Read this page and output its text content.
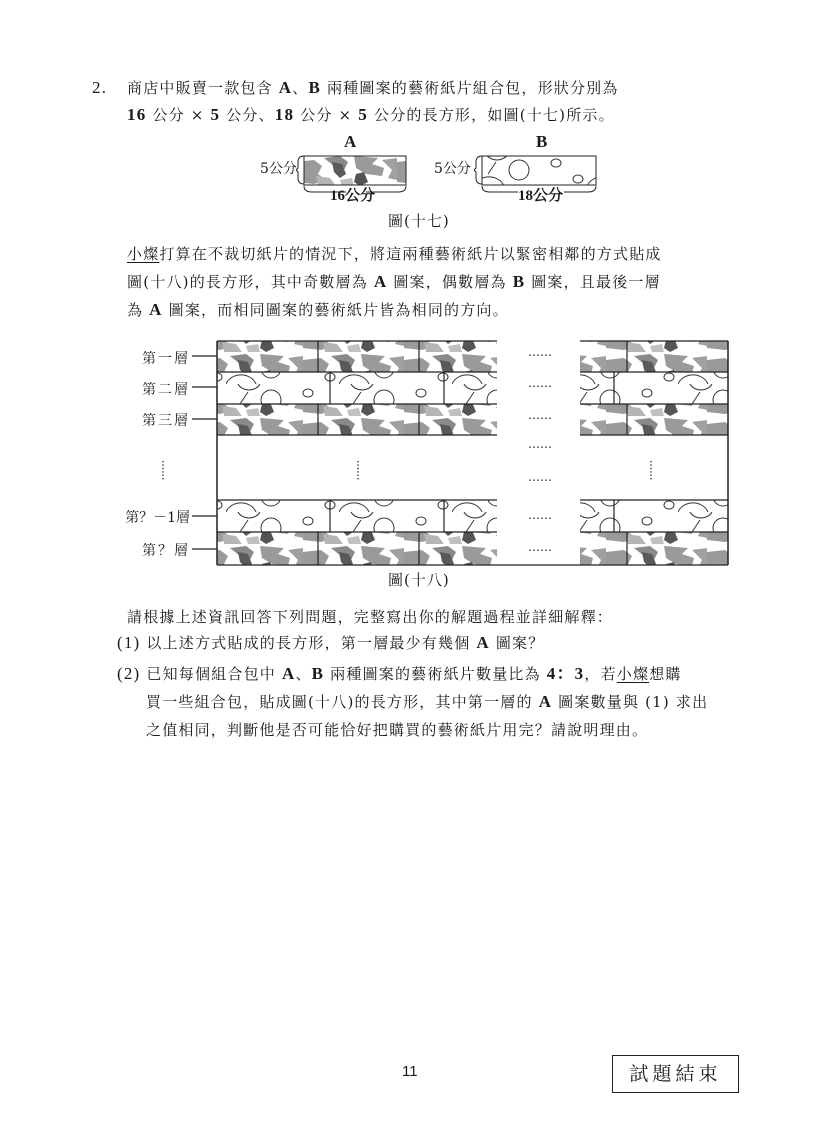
2. 商店中販賣一款包含 A、B 兩種圖案的藝術紙片組合包，形狀分別為
16 公分 × 5 公分、18 公分 × 5 公分的長方形，如圖(十七)所示。
A
5公分
16公分
B
5公分
18公分
圖(十七)
小燦打算在不裁切紙片的情況下，將這兩種藝術紙片以緊密相鄰的方式貼成
圖(十八)的長方形，其中奇數層為 A 圖案，偶數層為 B 圖案，且最後一層
為 A 圖案，而相同圖案的藝術紙片皆為相同的方向。
第一層
第二層
第三層
第？－1層
第？層
……
……
……
……
……
……
……
圖(十八)
請根據上述資訊回答下列問題，完整寫出你的解題過程並詳細解釋：
(1) 以上述方式貼成的長方形，第一層最少有幾個 A 圖案？
(2) 已知每個組合包中 A、B 兩種圖案的藝術紙片數量比為 4：3，若小燦想購
買一些組合包，貼成圖(十八)的長方形，其中第一層的 A 圖案數量與 (1) 求出
之值相同，判斷他是否可能恰好把購買的藝術紙片用完？請說明理由。
11	試題結束
